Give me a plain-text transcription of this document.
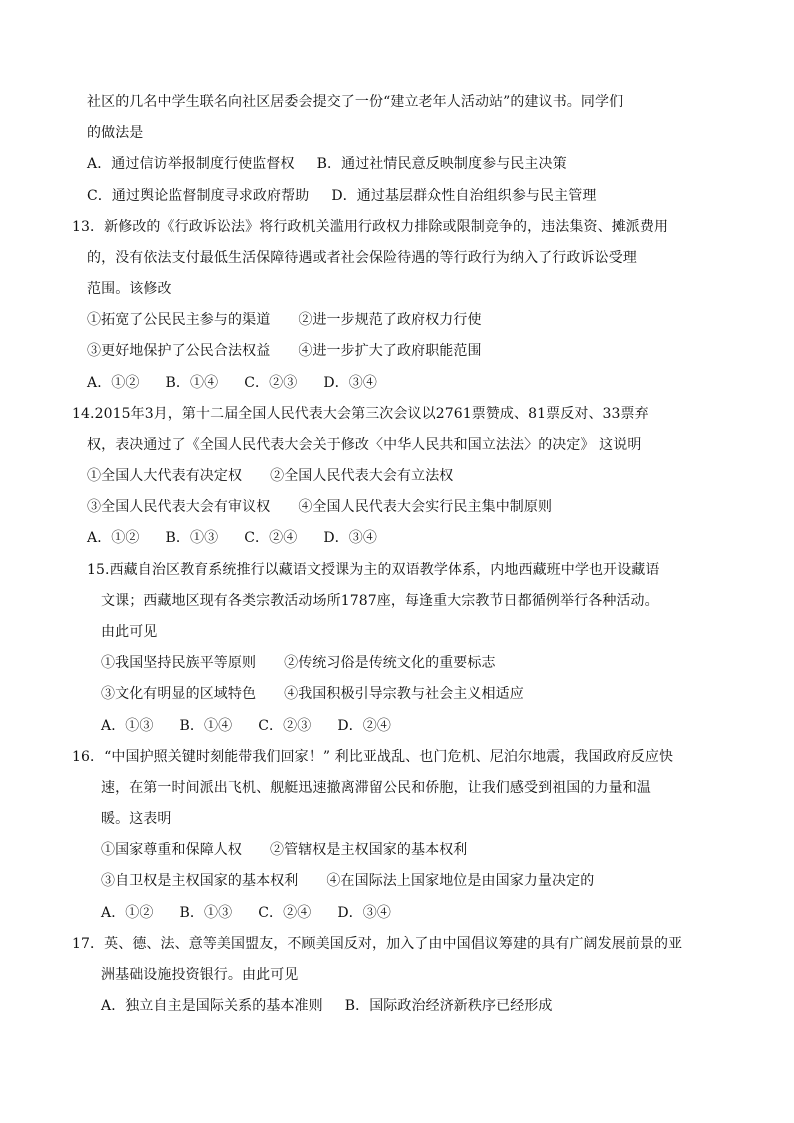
社区的几名中学生联名向社区居委会提交了一份“建立老年人活动站”的建议书。同学们
的做法是
A．通过信访举报制度行使监督权 B．通过社情民意反映制度参与民主决策
C．通过舆论监督制度寻求政府帮助 D．通过基层群众性自治组织参与民主管理
13．新修改的《行政诉讼法》将行政机关滥用行政权力排除或限制竞争的，违法集资、摊派费用
的，没有依法支付最低生活保障待遇或者社会保险待遇的等行政行为纳入了行政诉讼受理
范围。该修改
①拓宽了公民民主参与的渠道 ②进一步规范了政府权力行使
③更好地保护了公民合法权益 ④进一步扩大了政府职能范围
A．①② B．①④ C．②③ D．③④
14.2015年3月，第十二届全国人民代表大会第三次会议以2761票赞成、81票反对、33票弃
权，表决通过了《全国人民代表大会关于修改〈中华人民共和国立法法〉的决定》 这说明
①全国人大代表有决定权 ②全国人民代表大会有立法权
③全国人民代表大会有审议权 ④全国人民代表大会实行民主集中制原则
A．①② B．①③ C．②④ D．③④
15.西藏自治区教育系统推行以藏语文授课为主的双语教学体系，内地西藏班中学也开设藏语
文课；西藏地区现有各类宗教活动场所1787座，每逢重大宗教节日都循例举行各种活动。
由此可见
①我国坚持民族平等原则 ②传统习俗是传统文化的重要标志
③文化有明显的区域特色 ④我国积极引导宗教与社会主义相适应
A．①③ B．①④ C．②③ D．②④
16．“中国护照关键时刻能带我们回家！” 利比亚战乱、也门危机、尼泊尔地震，我国政府反应快
速，在第一时间派出飞机、舰艇迅速撤离滞留公民和侨胞，让我们感受到祖国的力量和温
暖。这表明
①国家尊重和保障人权 ②管辖权是主权国家的基本权利
③自卫权是主权国家的基本权利 ④在国际法上国家地位是由国家力量决定的
A．①② B．①③ C．②④ D．③④
17．英、德、法、意等美国盟友，不顾美国反对，加入了由中国倡议筹建的具有广阔发展前景的亚
洲基础设施投资银行。由此可见
A．独立自主是国际关系的基本准则 B．国际政治经济新秩序已经形成
